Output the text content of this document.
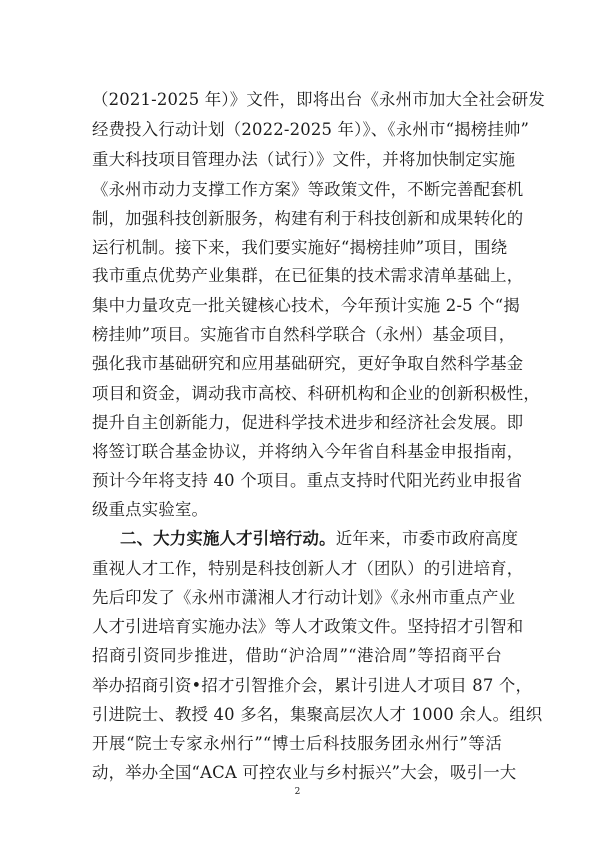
（2021-2025 年）》文件，即将出台《永州市加大全社会研发
经费投入行动计划（2022-2025 年）》、《永州市“揭榜挂帅”
重大科技项目管理办法（试行）》文件，并将加快制定实施
《永州市动力支撑工作方案》等政策文件，不断完善配套机
制，加强科技创新服务，构建有利于科技创新和成果转化的
运行机制。接下来，我们要实施好“揭榜挂帅”项目，围绕
我市重点优势产业集群，在已征集的技术需求清单基础上，
集中力量攻克一批关键核心技术，今年预计实施 2-5 个“揭
榜挂帅”项目。实施省市自然科学联合（永州）基金项目，
强化我市基础研究和应用基础研究，更好争取自然科学基金
项目和资金，调动我市高校、科研机构和企业的创新积极性，
提升自主创新能力，促进科学技术进步和经济社会发展。即
将签订联合基金协议，并将纳入今年省自科基金申报指南，
预计今年将支持 40 个项目。重点支持时代阳光药业申报省
级重点实验室。
二、大力实施人才引培行动。近年来，市委市政府高度
重视人才工作，特别是科技创新人才（团队）的引进培育，
先后印发了《永州市潇湘人才行动计划》《永州市重点产业
人才引进培育实施办法》等人才政策文件。坚持招才引智和
招商引资同步推进，借助“沪洽周”“港洽周”等招商平台
举办招商引资•招才引智推介会，累计引进人才项目 87 个，
引进院士、教授 40 多名，集聚高层次人才 1000 余人。组织
开展“院士专家永州行”“博士后科技服务团永州行”等活
动，举办全国“ACA 可控农业与乡村振兴”大会，吸引一大
2
